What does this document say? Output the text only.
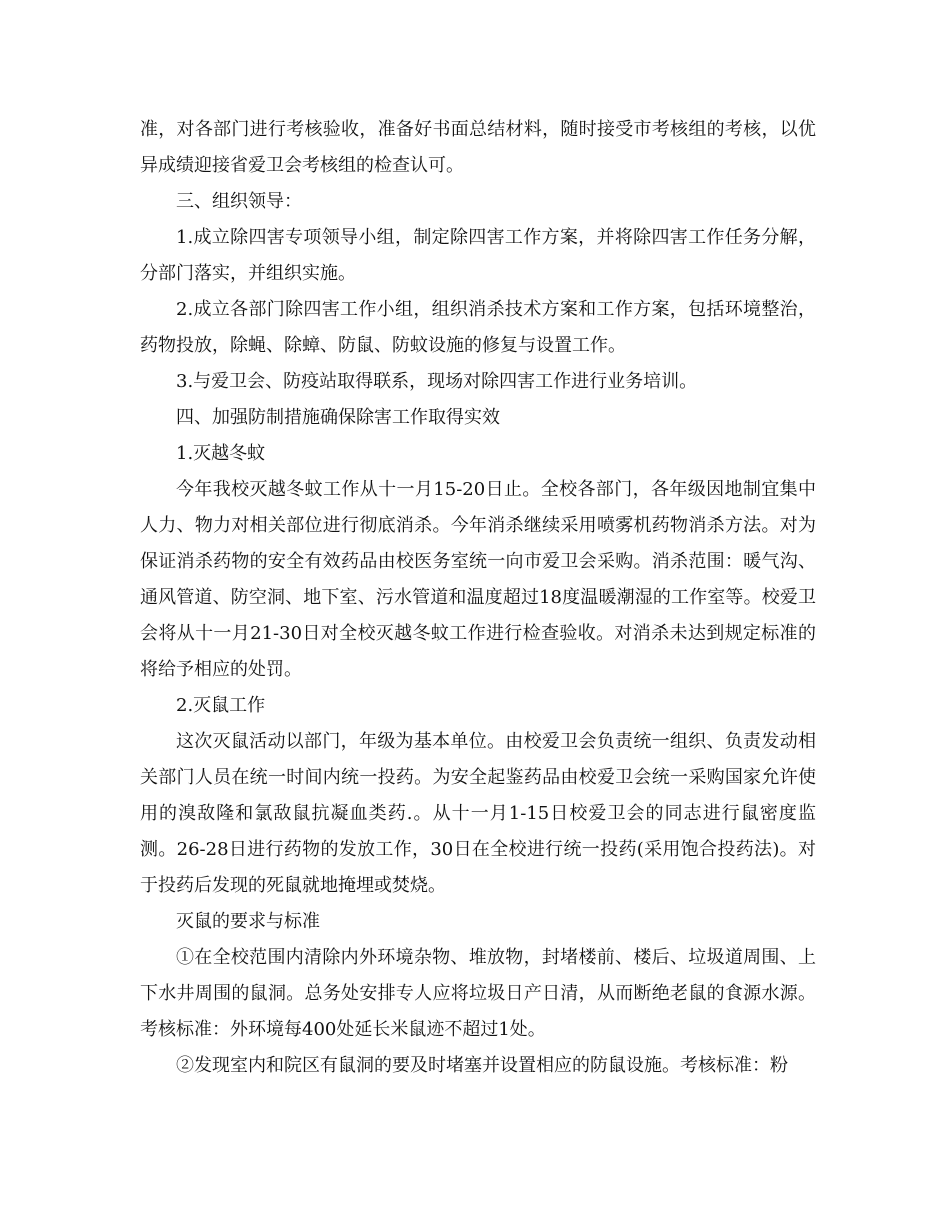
准，对各部门进行考核验收，准备好书面总结材料，随时接受市考核组的考核，以优异成绩迎接省爱卫会考核组的检查认可。

三、组织领导：

1.成立除四害专项领导小组，制定除四害工作方案，并将除四害工作任务分解，分部门落实，并组织实施。

2.成立各部门除四害工作小组，组织消杀技术方案和工作方案，包括环境整治，药物投放，除蝇、除蟑、防鼠、防蚊设施的修复与设置工作。

3.与爱卫会、防疫站取得联系，现场对除四害工作进行业务培训。

四、加强防制措施确保除害工作取得实效

1.灭越冬蚊

今年我校灭越冬蚊工作从十一月15-20日止。全校各部门，各年级因地制宜集中人力、物力对相关部位进行彻底消杀。今年消杀继续采用喷雾机药物消杀方法。对为保证消杀药物的安全有效药品由校医务室统一向市爱卫会采购。消杀范围：暖气沟、通风管道、防空洞、地下室、污水管道和温度超过18度温暖潮湿的工作室等。校爱卫会将从十一月21-30日对全校灭越冬蚊工作进行检查验收。对消杀未达到规定标准的将给予相应的处罚。

2.灭鼠工作

这次灭鼠活动以部门，年级为基本单位。由校爱卫会负责统一组织、负责发动相关部门人员在统一时间内统一投药。为安全起鉴药品由校爱卫会统一采购国家允许使用的溴敌隆和氯敌鼠抗凝血类药.。从十一月1-15日校爱卫会的同志进行鼠密度监测。26-28日进行药物的发放工作，30日在全校进行统一投药(采用饱合投药法)。对于投药后发现的死鼠就地掩埋或焚烧。

灭鼠的要求与标准

①在全校范围内清除内外环境杂物、堆放物，封堵楼前、楼后、垃圾道周围、上下水井周围的鼠洞。总务处安排专人应将垃圾日产日清，从而断绝老鼠的食源水源。考核标准：外环境每400处延长米鼠迹不超过1处。

②发现室内和院区有鼠洞的要及时堵塞并设置相应的防鼠设施。考核标准：粉
